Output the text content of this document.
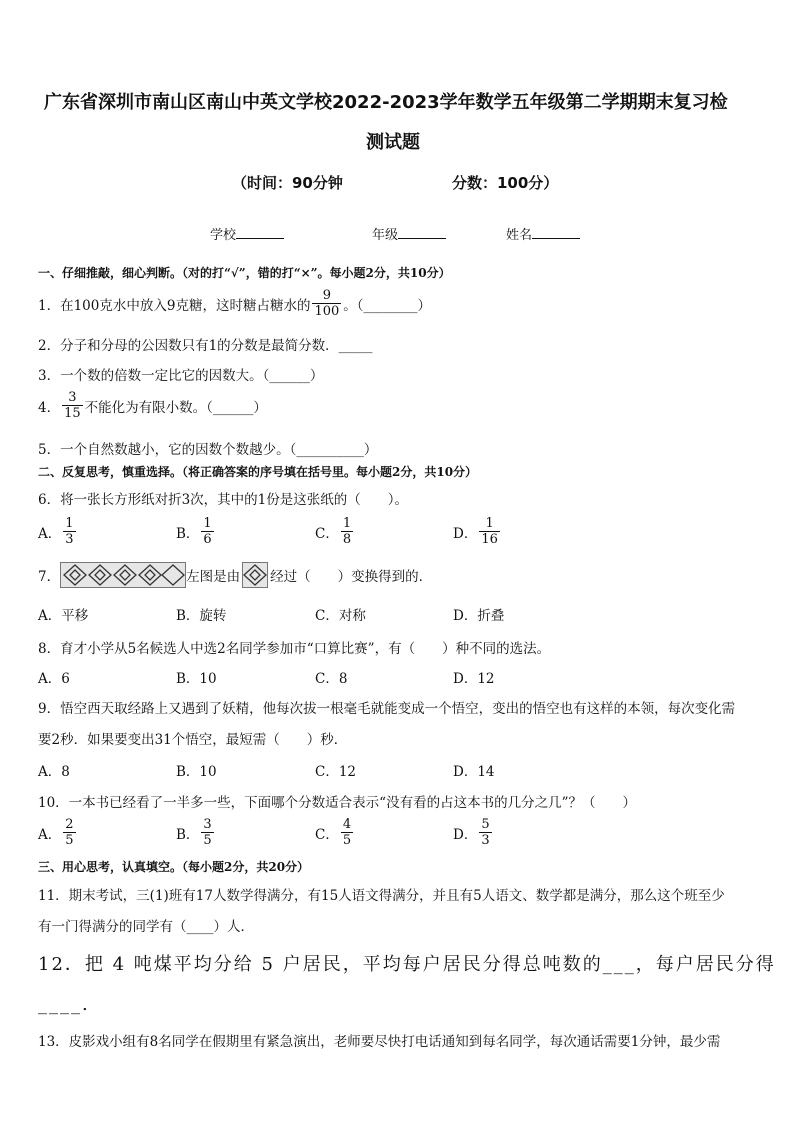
广东省深圳市南山区南山中英文学校2022-2023学年数学五年级第二学期期末复习检
测试题
（时间：90分钟	分数：100分）
学校	年级	姓名
一、仔细推敲，细心判断。（对的打“√”，错的打“×”。每小题2分，共10分）
1．在100克水中放入9克糖，这时糖占糖水的 $\frac{9}{100}$ 。（________）
2．分子和分母的公因数只有1的分数是最简分数．_____
3．一个数的倍数一定比它的因数大。（______）
4． $\frac{3}{15}$ 不能化为有限小数。（______）
5．一个自然数越小，它的因数个数越少。（__________）
二、反复思考，慎重选择。（将正确答案的序号填在括号里。每小题2分，共10分）
6．将一张长方形纸对折3次，其中的1份是这张纸的（　　）。
A． $\frac{1}{3}$	B． $\frac{1}{6}$	C． $\frac{1}{8}$	D． $\frac{1}{16}$
7．	左图是由 经过（　　）变换得到的．
A．平移	B．旋转	C．对称	D．折叠
8．育才小学从5名候选人中选2名同学参加市“口算比赛”，有（　　）种不同的选法。
A．6	B．10	C．8	D．12
9．悟空西天取经路上又遇到了妖精，他每次拔一根毫毛就能变成一个悟空，变出的悟空也有这样的本领，每次变化需
要2秒．如果要变出31个悟空，最短需（　　）秒．
A．8	B．10	C．12	D．14
10．一本书已经看了一半多一些，下面哪个分数适合表示“没有看的占这本书的几分之几”？（　　）
A． $\frac{2}{5}$	B． $\frac{3}{5}$	C． $\frac{4}{5}$	D． $\frac{5}{3}$
三、用心思考，认真填空。（每小题2分，共20分）
11．期末考试，三(1)班有17人数学得满分，有15人语文得满分，并且有5人语文、数学都是满分，那么这个班至少
有一门得满分的同学有（____）人．
12．把 4 吨煤平均分给 5 户居民，平均每户居民分得总吨数的___，每户居民分得
____.
13．皮影戏小组有8名同学在假期里有紧急演出，老师要尽快打电话通知到每名同学，每次通话需要1分钟，最少需
